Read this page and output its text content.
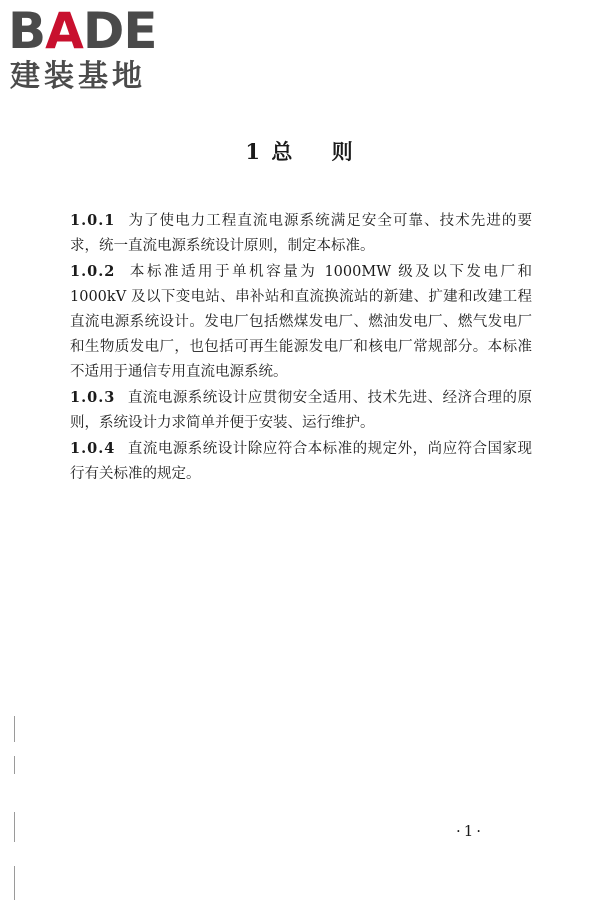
BADE
建装基地
1 总    则

1.0.1 为了使电力工程直流电源系统满足安全可靠、技术先进的要求，统一直流电源系统设计原则，制定本标准。

1.0.2 本标准适用于单机容量为 1000MW 级及以下发电厂和 1000kV 及以下变电站、串补站和直流换流站的新建、扩建和改建工程直流电源系统设计。发电厂包括燃煤发电厂、燃油发电厂、燃气发电厂和生物质发电厂，也包括可再生能源发电厂和核电厂常规部分。本标准不适用于通信专用直流电源系统。

1.0.3 直流电源系统设计应贯彻安全适用、技术先进、经济合理的原则，系统设计力求简单并便于安装、运行维护。

1.0.4 直流电源系统设计除应符合本标准的规定外，尚应符合国家现行有关标准的规定。

·1·
